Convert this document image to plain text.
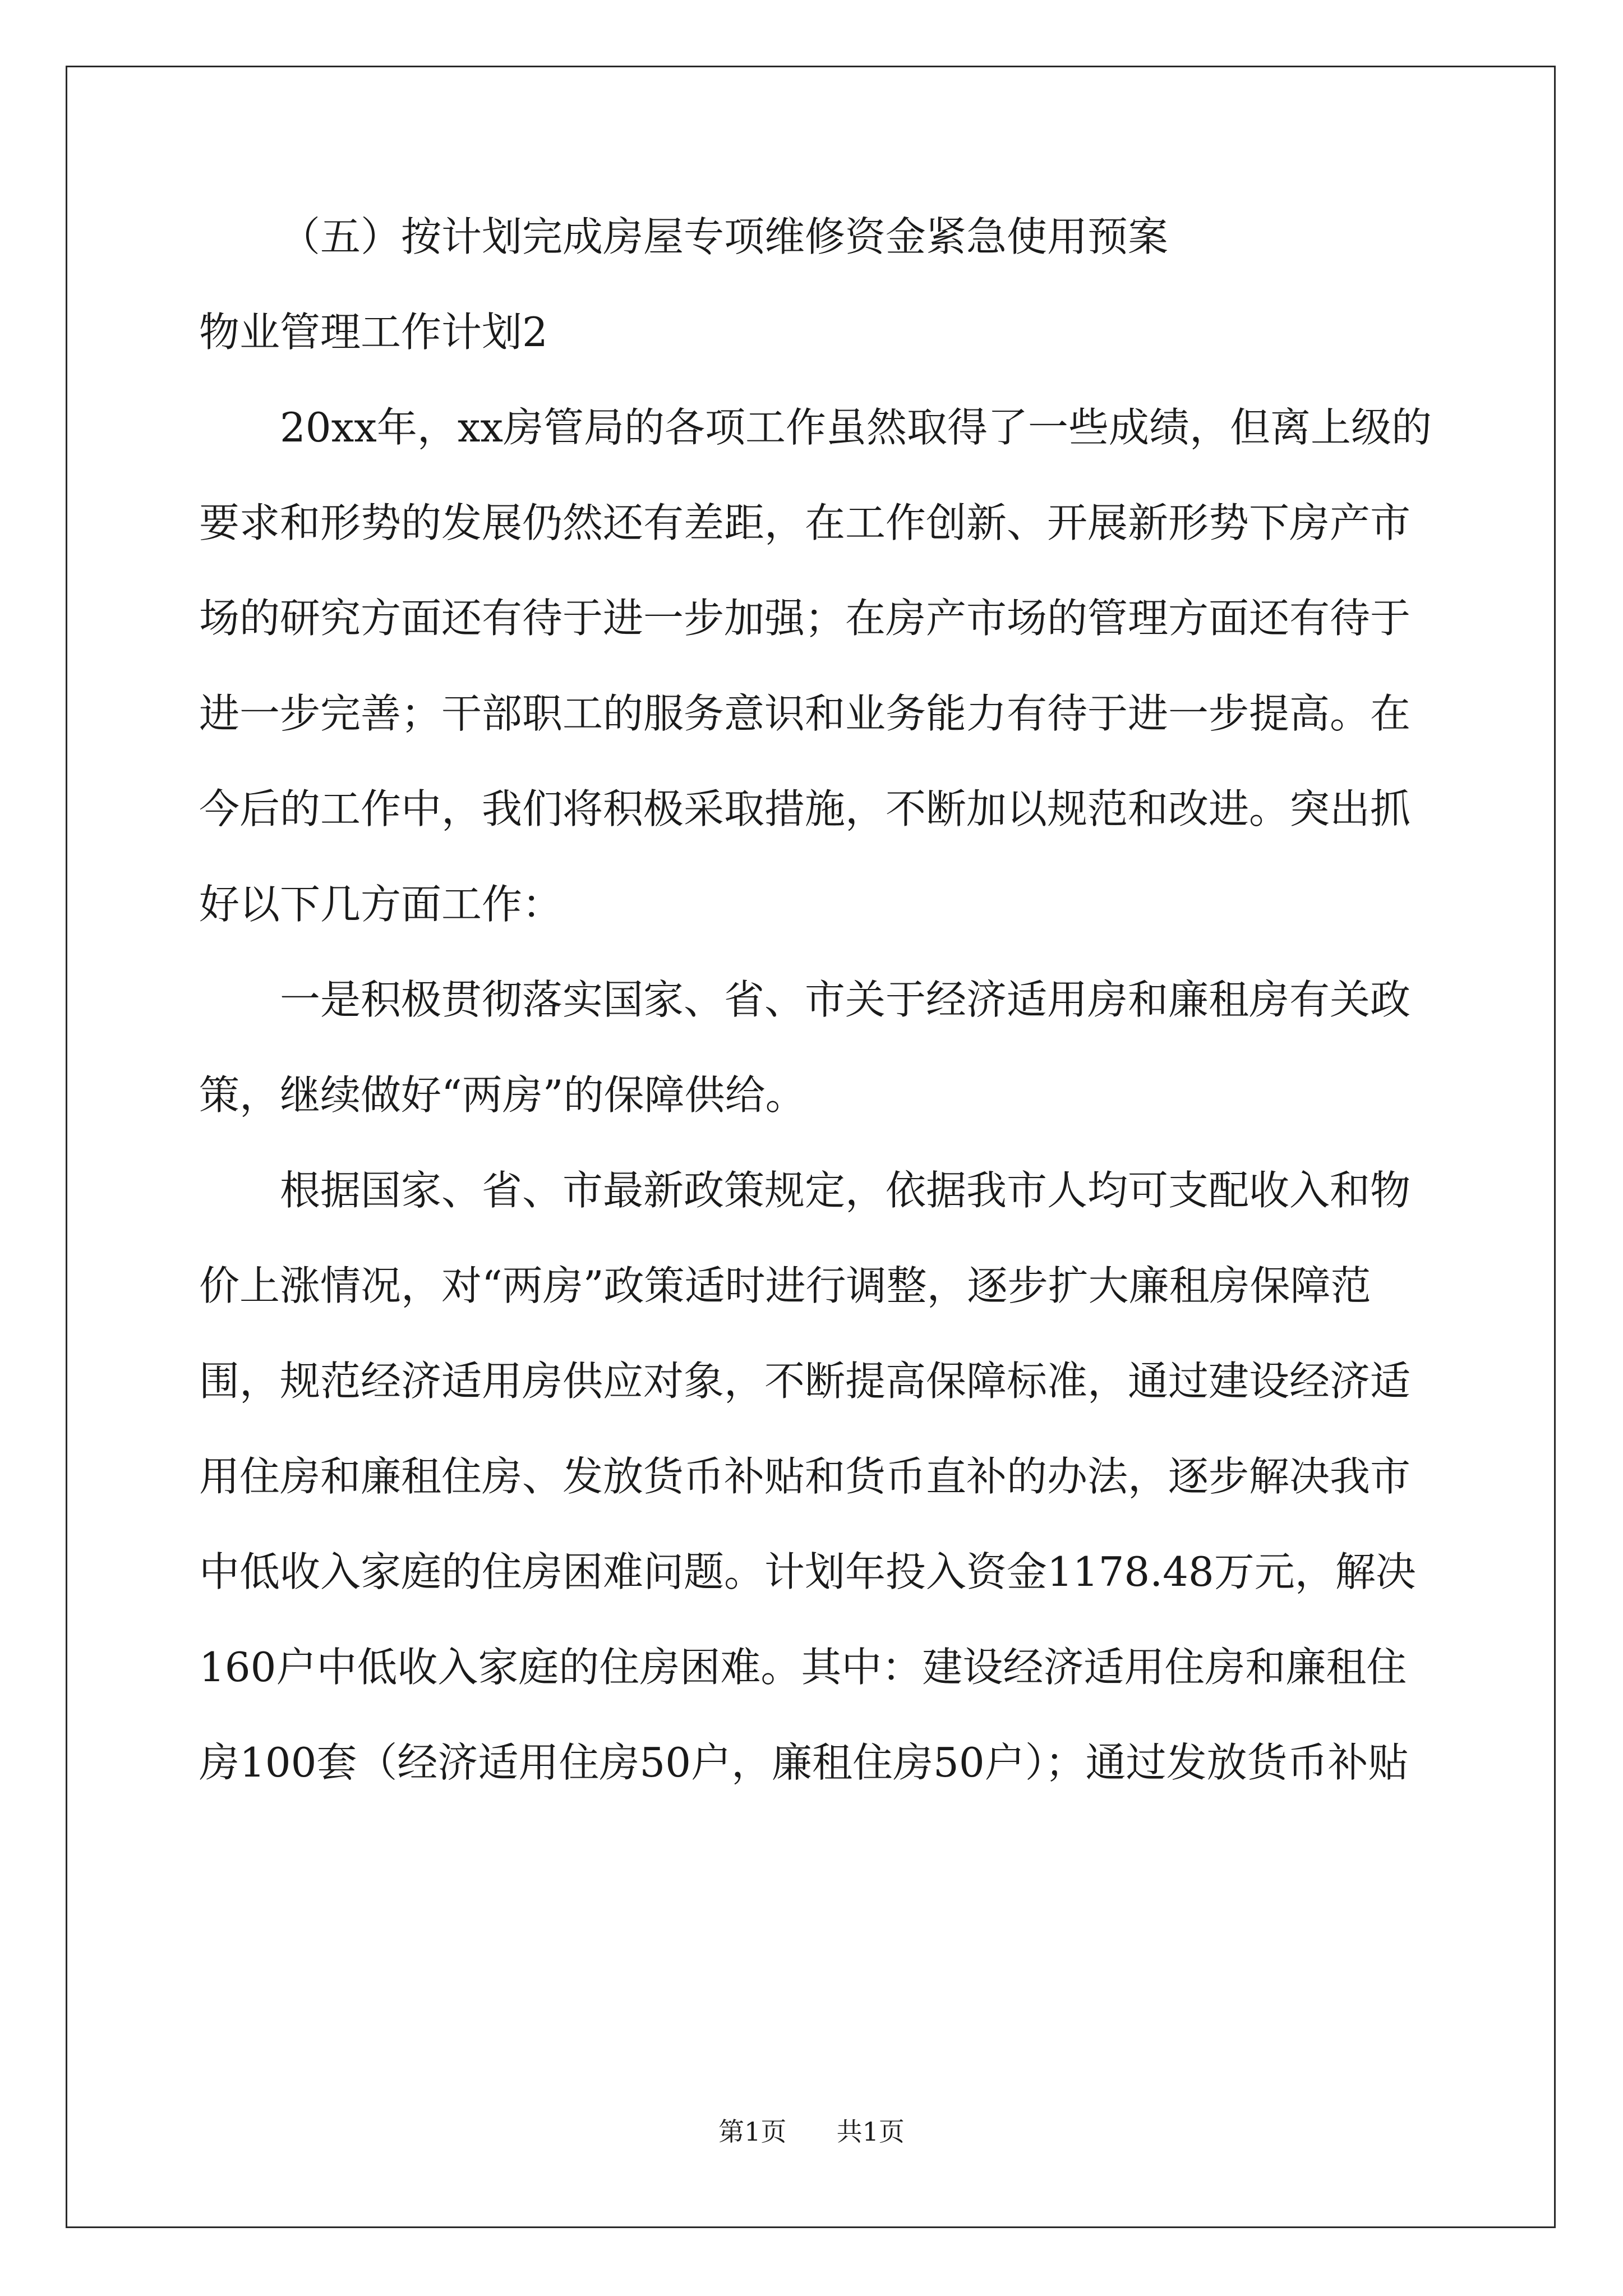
（五）按计划完成房屋专项维修资金紧急使用预案

物业管理工作计划2

20xx年，xx房管局的各项工作虽然取得了一些成绩，但离上级的

要求和形势的发展仍然还有差距，在工作创新、开展新形势下房产市

场的研究方面还有待于进一步加强；在房产市场的管理方面还有待于

进一步完善；干部职工的服务意识和业务能力有待于进一步提高。在

今后的工作中，我们将积极采取措施，不断加以规范和改进。突出抓

好以下几方面工作：

一是积极贯彻落实国家、省、市关于经济适用房和廉租房有关政

策，继续做好“两房”的保障供给。

根据国家、省、市最新政策规定，依据我市人均可支配收入和物

价上涨情况，对“两房”政策适时进行调整，逐步扩大廉租房保障范

围，规范经济适用房供应对象，不断提高保障标准，通过建设经济适

用住房和廉租住房、发放货币补贴和货币直补的办法，逐步解决我市

中低收入家庭的住房困难问题。计划年投入资金1178.48万元，解决

160户中低收入家庭的住房困难。其中：建设经济适用住房和廉租住

房100套（经济适用住房50户，廉租住房50户）；通过发放货币补贴

第1页 共1页
